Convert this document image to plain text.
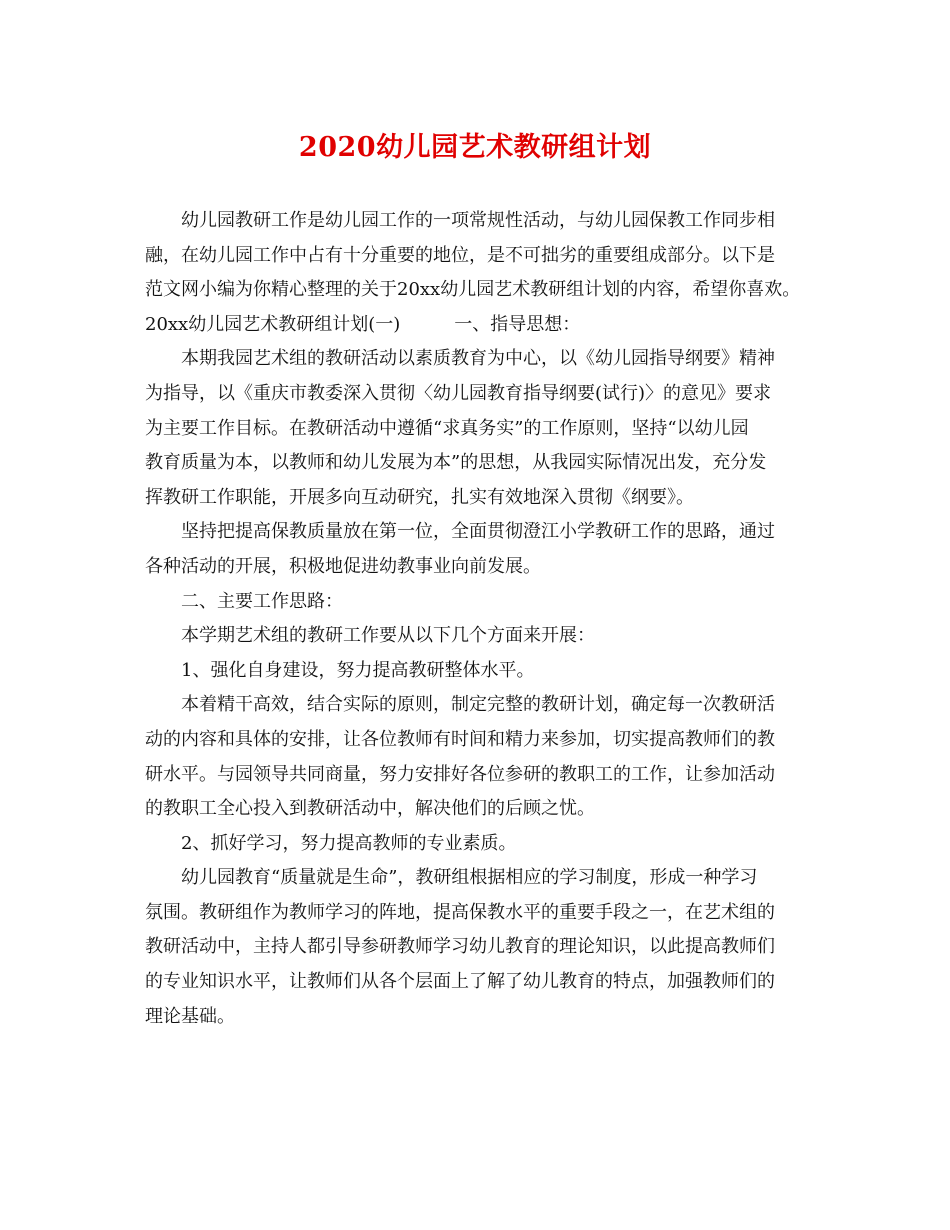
2020幼儿园艺术教研组计划
　　幼儿园教研工作是幼儿园工作的一项常规性活动，与幼儿园保教工作同步相
融，在幼儿园工作中占有十分重要的地位，是不可拙劣的重要组成部分。以下是
范文网小编为你精心整理的关于20xx幼儿园艺术教研组计划的内容，希望你喜欢。
20xx幼儿园艺术教研组计划(一)　　　一、指导思想：
　　本期我园艺术组的教研活动以素质教育为中心，以《幼儿园指导纲要》精神
为指导，以《重庆市教委深入贯彻〈幼儿园教育指导纲要(试行)〉的意见》要求
为主要工作目标。在教研活动中遵循“求真务实”的工作原则，坚持“以幼儿园
教育质量为本，以教师和幼儿发展为本”的思想，从我园实际情况出发，充分发
挥教研工作职能，开展多向互动研究，扎实有效地深入贯彻《纲要》。
　　坚持把提高保教质量放在第一位，全面贯彻澄江小学教研工作的思路，通过
各种活动的开展，积极地促进幼教事业向前发展。
　　二、主要工作思路：
　　本学期艺术组的教研工作要从以下几个方面来开展：
　　1、强化自身建设，努力提高教研整体水平。
　　本着精干高效，结合实际的原则，制定完整的教研计划，确定每一次教研活
动的内容和具体的安排，让各位教师有时间和精力来参加，切实提高教师们的教
研水平。与园领导共同商量，努力安排好各位参研的教职工的工作，让参加活动
的教职工全心投入到教研活动中，解决他们的后顾之忧。
　　2、抓好学习，努力提高教师的专业素质。
　　幼儿园教育“质量就是生命”，教研组根据相应的学习制度，形成一种学习
氛围。教研组作为教师学习的阵地，提高保教水平的重要手段之一，在艺术组的
教研活动中，主持人都引导参研教师学习幼儿教育的理论知识，以此提高教师们
的专业知识水平，让教师们从各个层面上了解了幼儿教育的特点，加强教师们的
理论基础。
